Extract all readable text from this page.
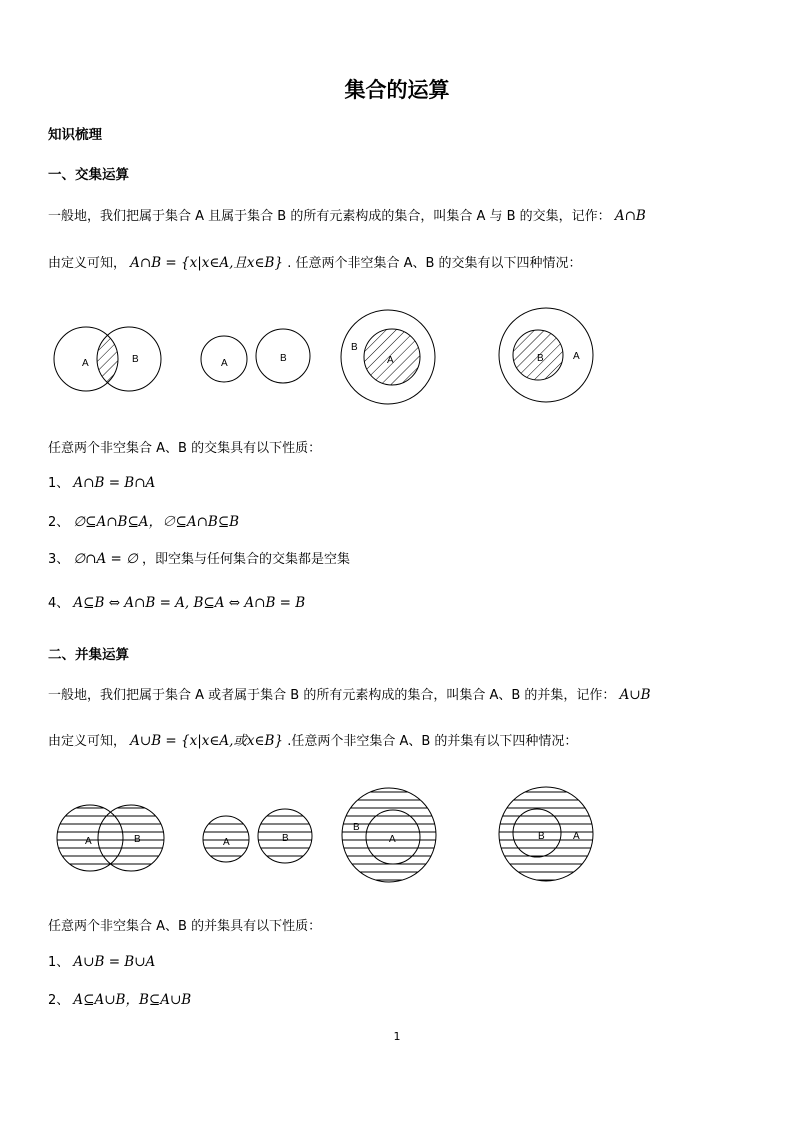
集合的运算
知识梳理
一、交集运算
一般地，我们把属于集合 A 且属于集合 B 的所有元素构成的集合，叫集合 A 与 B 的交集，记作： A∩B
由定义可知， A∩B = {x|x∈A,且x∈B} . 任意两个非空集合 A、B 的交集有以下四种情况：
A	B	A	B
B
A	B	A
任意两个非空集合 A、B 的交集具有以下性质：
1、 A∩B = B∩A
2、 ∅⊆A∩B⊆A，∅⊆A∩B⊆B
3、 ∅∩A = ∅ ，即空集与任何集合的交集都是空集
4、 A⊆B ⇔ A∩B = A, B⊆A ⇔ A∩B = B
二、并集运算
一般地，我们把属于集合 A 或者属于集合 B 的所有元素构成的集合，叫集合 A、B 的并集，记作： A∪B
由定义可知， A∪B = {x|x∈A,或x∈B} .任意两个非空集合 A、B 的并集有以下四种情况：
A	B	A	B
B
A	B	A
任意两个非空集合 A、B 的并集具有以下性质：
1、 A∪B = B∪A
2、 A⊆A∪B，B⊆A∪B
1
